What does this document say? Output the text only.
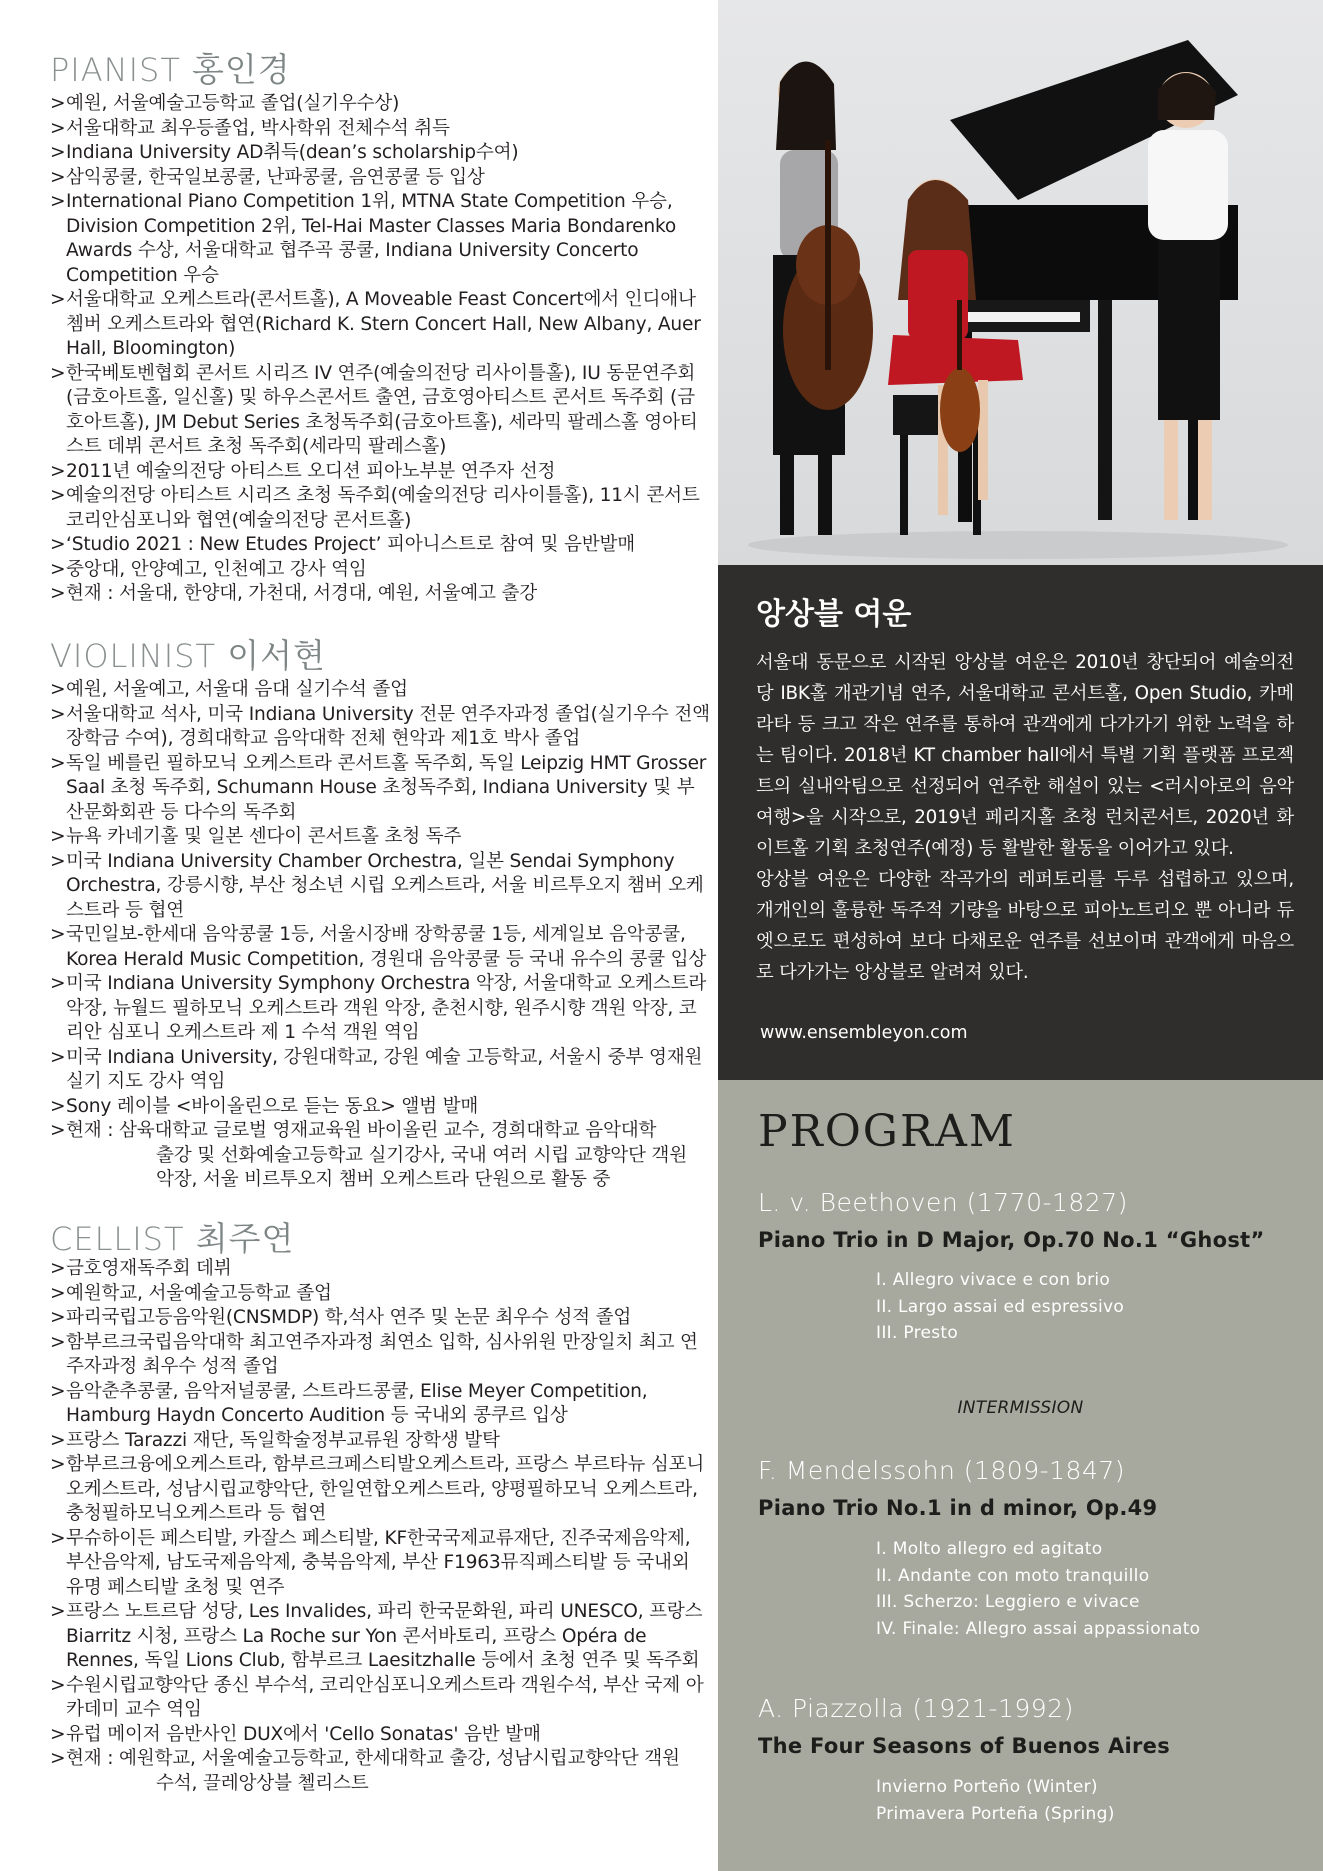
PIANIST 홍인경
> 예원, 서울예술고등학교 졸업(실기우수상)
> 서울대학교 최우등졸업, 박사학위 전체수석 취득
> Indiana University AD취득(dean’s scholarship수여)
> 삼익콩쿨, 한국일보콩쿨, 난파콩쿨, 음연콩쿨 등 입상
> International Piano Competition 1위, MTNA State Competition 우승, Division Competition 2위, Tel-Hai Master Classes Maria Bondarenko Awards 수상, 서울대학교 협주곡 콩쿨, Indiana University Concerto Competition 우승
> 서울대학교 오케스트라(콘서트홀), A Moveable Feast Concert에서 인디애나 쳄버 오케스트라와 협연(Richard K. Stern Concert Hall, New Albany, Auer Hall, Bloomington)
> 한국베토벤협회 콘서트 시리즈 IV 연주(예술의전당 리사이틀홀), IU 동문연주회 (금호아트홀, 일신홀) 및 하우스콘서트 출연, 금호영아티스트 콘서트 독주회 (금호아트홀), JM Debut Series 초청독주회(금호아트홀), 세라믹 팔레스홀 영아티스트 데뷔 콘서트 초청 독주회(세라믹 팔레스홀)
> 2011년 예술의전당 아티스트 오디션 피아노부분 연주자 선정
> 예술의전당 아티스트 시리즈 초청 독주회(예술의전당 리사이틀홀), 11시 콘서트 코리안심포니와 협연(예술의전당 콘서트홀)
> ‘Studio 2021 : New Etudes Project’ 피아니스트로 참여 및 음반발매
> 중앙대, 안양예고, 인천예고 강사 역임
> 현재 : 서울대, 한양대, 가천대, 서경대, 예원, 서울예고 출강
VIOLINIST 이서현
> 예원, 서울예고, 서울대 음대 실기수석 졸업
> 서울대학교 석사, 미국 Indiana University 전문 연주자과정 졸업(실기우수 전액 장학금 수여), 경희대학교 음악대학 전체 현악과 제1호 박사 졸업
> 독일 베를린 필하모닉 오케스트라 콘서트홀 독주회, 독일 Leipzig HMT Grosser Saal 초청 독주회, Schumann House 초청독주회, Indiana University 및 부산문화회관 등 다수의 독주회
> 뉴욕 카네기홀 및 일본 센다이 콘서트홀 초청 독주
> 미국 Indiana University Chamber Orchestra, 일본 Sendai Symphony Orchestra, 강릉시향, 부산 청소년 시립 오케스트라, 서울 비르투오지 챔버 오케스트라 등 협연
> 국민일보-한세대 음악콩쿨 1등, 서울시장배 장학콩쿨 1등, 세계일보 음악콩쿨, Korea Herald Music Competition, 경원대 음악콩쿨 등 국내 유수의 콩쿨 입상
> 미국 Indiana University Symphony Orchestra 악장, 서울대학교 오케스트라 악장, 뉴월드 필하모닉 오케스트라 객원 악장, 춘천시향, 원주시향 객원 악장, 코리안 심포니 오케스트라 제 1 수석 객원 역임
> 미국 Indiana University, 강원대학교, 강원 예술 고등학교, 서울시 중부 영재원 실기 지도 강사 역임
> Sony 레이블 <바이올린으로 듣는 동요> 앨범 발매
> 현재 : 삼육대학교 글로벌 영재교육원 바이올린 교수, 경희대학교 음악대학
출강 및 선화예술고등학교 실기강사, 국내 여러 시립 교향악단 객원 악장, 서울 비르투오지 챔버 오케스트라 단원으로 활동 중
CELLIST 최주연
> 금호영재독주회 데뷔
> 예원학교, 서울예술고등학교 졸업
> 파리국립고등음악원(CNSMDP) 학,석사 연주 및 논문 최우수 성적 졸업
> 함부르크국립음악대학 최고연주자과정 최연소 입학, 심사위원 만장일치 최고 연주자과정 최우수 성적 졸업
> 음악춘추콩쿨, 음악저널콩쿨, 스트라드콩쿨, Elise Meyer Competition, Hamburg Haydn Concerto Audition 등 국내외 콩쿠르 입상
> 프랑스 Tarazzi 재단, 독일학술정부교류원 장학생 발탁
> 함부르크융에오케스트라, 함부르크페스티발오케스트라, 프랑스 부르타뉴 심포니오케스트라, 성남시립교향악단, 한일연합오케스트라, 양평필하모닉 오케스트라, 충청필하모닉오케스트라 등 협연
> 무슈하이든 페스티발, 카잘스 페스티발, KF한국국제교류재단, 진주국제음악제, 부산음악제, 남도국제음악제, 충북음악제, 부산 F1963뮤직페스티발 등 국내외 유명 페스티발 초청 및 연주
> 프랑스 노트르담 성당, Les Invalides, 파리 한국문화원, 파리 UNESCO, 프랑스 Biarritz 시청, 프랑스 La Roche sur Yon 콘서바토리, 프랑스 Opéra de Rennes, 독일 Lions Club, 함부르크 Laesitzhalle 등에서 초청 연주 및 독주회
> 수원시립교향악단 종신 부수석, 코리안심포니오케스트라 객원수석, 부산 국제 아카데미 교수 역임
> 유럽 메이저 음반사인 DUX에서 'Cello Sonatas' 음반 발매
> 현재 : 예원학교, 서울예술고등학교, 한세대학교 출강, 성남시립교향악단 객원
수석, 끌레앙상블 첼리스트
앙상블 여운

서울대 동문으로 시작된 앙상블 여운은 2010년 창단되어 예술의전당 IBK홀 개관기념 연주, 서울대학교 콘서트홀, Open Studio, 카메라타 등 크고 작은 연주를 통하여 관객에게 다가가기 위한 노력을 하는 팀이다. 2018년 KT chamber hall에서 특별 기획 플랫폼 프로젝트의 실내악팀으로 선정되어 연주한 해설이 있는 <러시아로의 음악여행>을 시작으로, 2019년 페리지홀 초청 런치콘서트, 2020년 화이트홀 기획 초청연주(예정) 등 활발한 활동을 이어가고 있다.
앙상블 여운은 다양한 작곡가의 레퍼토리를 두루 섭렵하고 있으며, 개개인의 훌륭한 독주적 기량을 바탕으로 피아노트리오 뿐 아니라 듀엣으로도 편성하여 보다 다채로운 연주를 선보이며 관객에게 마음으로 다가가는 앙상블로 알려져 있다.

www.ensembleyon.com
PROGRAM
L. v. Beethoven (1770-1827)
Piano Trio in D Major, Op.70 No.1 “Ghost”
I. Allegro vivace e con brio
II. Largo assai ed espressivo
III. Presto
INTERMISSION
F. Mendelssohn (1809-1847)
Piano Trio No.1 in d minor, Op.49
I. Molto allegro ed agitato
II. Andante con moto tranquillo
III. Scherzo: Leggiero e vivace
IV. Finale: Allegro assai appassionato
A. Piazzolla (1921-1992)
The Four Seasons of Buenos Aires
Invierno Porteño (Winter)
Primavera Porteña (Spring)
